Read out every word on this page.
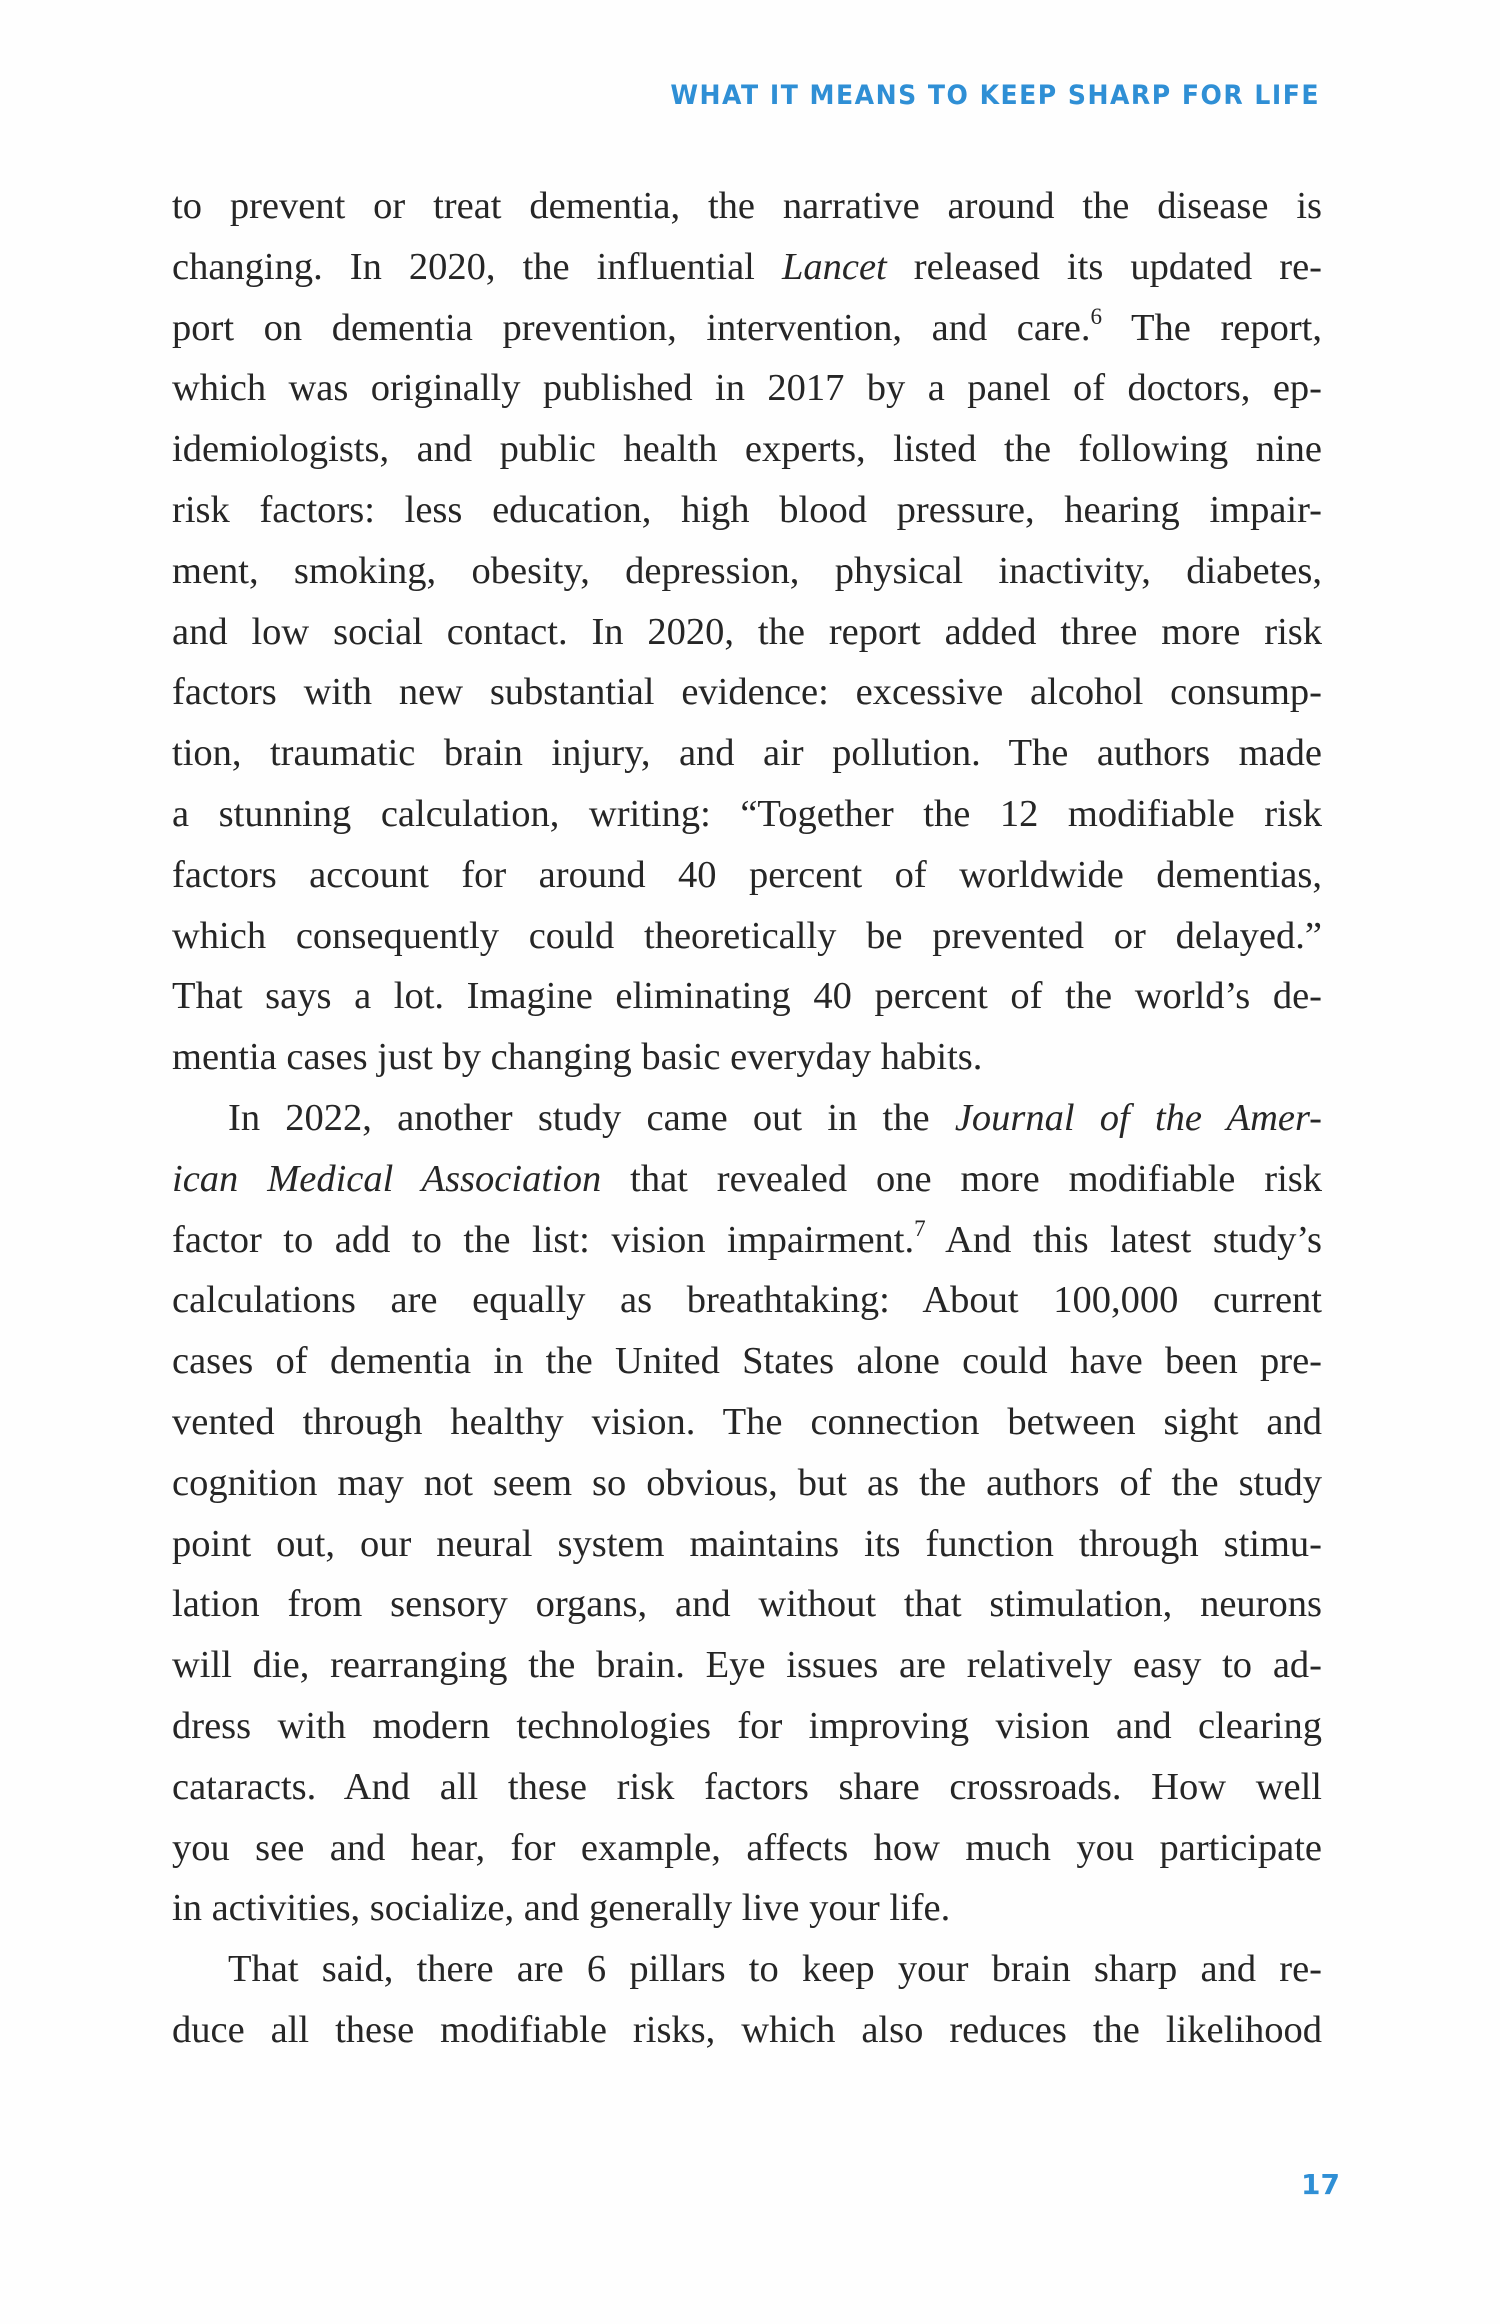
WHAT IT MEANS TO KEEP SHARP FOR LIFE
to prevent or treat dementia, the narrative around the disease is
changing. In 2020, the influential Lancet released its updated re-
port on dementia prevention, intervention, and care.$^6$ The report,
which was originally published in 2017 by a panel of doctors, ep-
idemiologists, and public health experts, listed the following nine
risk factors: less education, high blood pressure, hearing impair-
ment, smoking, obesity, depression, physical inactivity, diabetes,
and low social contact. In 2020, the report added three more risk
factors with new substantial evidence: excessive alcohol consump-
tion, traumatic brain injury, and air pollution. The authors made
a stunning calculation, writing: “Together the 12 modifiable risk
factors account for around 40 percent of worldwide dementias,
which consequently could theoretically be prevented or delayed.”
That says a lot. Imagine eliminating 40 percent of the world’s de-
mentia cases just by changing basic everyday habits.
In 2022, another study came out in the Journal of the Amer-
ican Medical Association that revealed one more modifiable risk
factor to add to the list: vision impairment.$^7$ And this latest study’s
calculations are equally as breathtaking: About 100,000 current
cases of dementia in the United States alone could have been pre-
vented through healthy vision. The connection between sight and
cognition may not seem so obvious, but as the authors of the study
point out, our neural system maintains its function through stimu-
lation from sensory organs, and without that stimulation, neurons
will die, rearranging the brain. Eye issues are relatively easy to ad-
dress with modern technologies for improving vision and clearing
cataracts. And all these risk factors share crossroads. How well
you see and hear, for example, affects how much you participate
in activities, socialize, and generally live your life.
That said, there are 6 pillars to keep your brain sharp and re-
duce all these modifiable risks, which also reduces the likelihood
17
